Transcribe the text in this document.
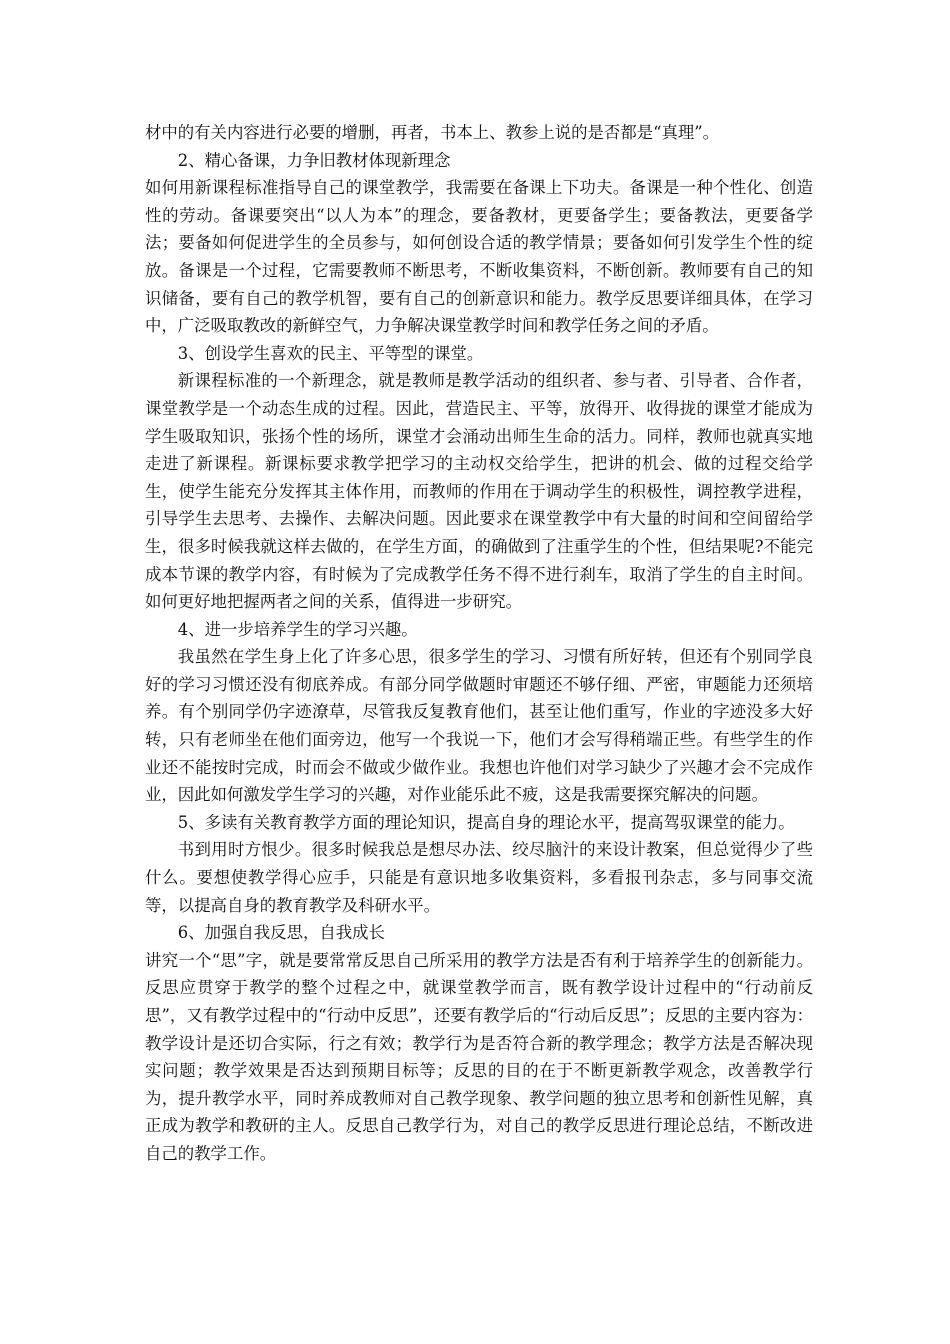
材中的有关内容进行必要的增删，再者，书本上、教参上说的是否都是“真理”。

2、精心备课，力争旧教材体现新理念

如何用新课程标准指导自己的课堂教学，我需要在备课上下功夫。备课是一种个性化、创造性的劳动。备课要突出“以人为本”的理念，要备教材，更要备学生；要备教法，更要备学法；要备如何促进学生的全员参与，如何创设合适的教学情景；要备如何引发学生个性的绽放。备课是一个过程，它需要教师不断思考，不断收集资料，不断创新。教师要有自己的知识储备，要有自己的教学机智，要有自己的创新意识和能力。教学反思要详细具体，在学习中，广泛吸取教改的新鲜空气，力争解决课堂教学时间和教学任务之间的矛盾。

3、创设学生喜欢的民主、平等型的课堂。

新课程标准的一个新理念，就是教师是教学活动的组织者、参与者、引导者、合作者，课堂教学是一个动态生成的过程。因此，营造民主、平等，放得开、收得拢的课堂才能成为学生吸取知识，张扬个性的场所，课堂才会涌动出师生生命的活力。同样，教师也就真实地走进了新课程。新课标要求教学把学习的主动权交给学生，把讲的机会、做的过程交给学生，使学生能充分发挥其主体作用，而教师的作用在于调动学生的积极性，调控教学进程，引导学生去思考、去操作、去解决问题。因此要求在课堂教学中有大量的时间和空间留给学生，很多时候我就这样去做的，在学生方面，的确做到了注重学生的个性，但结果呢?不能完成本节课的教学内容，有时候为了完成教学任务不得不进行刹车，取消了学生的自主时间。如何更好地把握两者之间的关系，值得进一步研究。

4、进一步培养学生的学习兴趣。

我虽然在学生身上化了许多心思，很多学生的学习、习惯有所好转，但还有个别同学良好的学习习惯还没有彻底养成。有部分同学做题时审题还不够仔细、严密，审题能力还须培养。有个别同学仍字迹潦草，尽管我反复教育他们，甚至让他们重写，作业的字迹没多大好转，只有老师坐在他们面旁边，他写一个我说一下，他们才会写得稍端正些。有些学生的作业还不能按时完成，时而会不做或少做作业。我想也许他们对学习缺少了兴趣才会不完成作业，因此如何激发学生学习的兴趣，对作业能乐此不疲，这是我需要探究解决的问题。

5、多读有关教育教学方面的理论知识，提高自身的理论水平，提高驾驭课堂的能力。

书到用时方恨少。很多时候我总是想尽办法、绞尽脑汁的来设计教案，但总觉得少了些什么。要想使教学得心应手，只能是有意识地多收集资料，多看报刊杂志，多与同事交流等，以提高自身的教育教学及科研水平。

6、加强自我反思，自我成长

讲究一个“思”字，就是要常常反思自己所采用的教学方法是否有利于培养学生的创新能力。反思应贯穿于教学的整个过程之中，就课堂教学而言，既有教学设计过程中的“行动前反思”，又有教学过程中的“行动中反思”，还要有教学后的“行动后反思”；反思的主要内容为：教学设计是还切合实际，行之有效；教学行为是否符合新的教学理念；教学方法是否解决现实问题；教学效果是否达到预期目标等；反思的目的在于不断更新教学观念，改善教学行为，提升教学水平，同时养成教师对自己教学现象、教学问题的独立思考和创新性见解，真正成为教学和教研的主人。反思自己教学行为，对自己的教学反思进行理论总结，不断改进自己的教学工作。
